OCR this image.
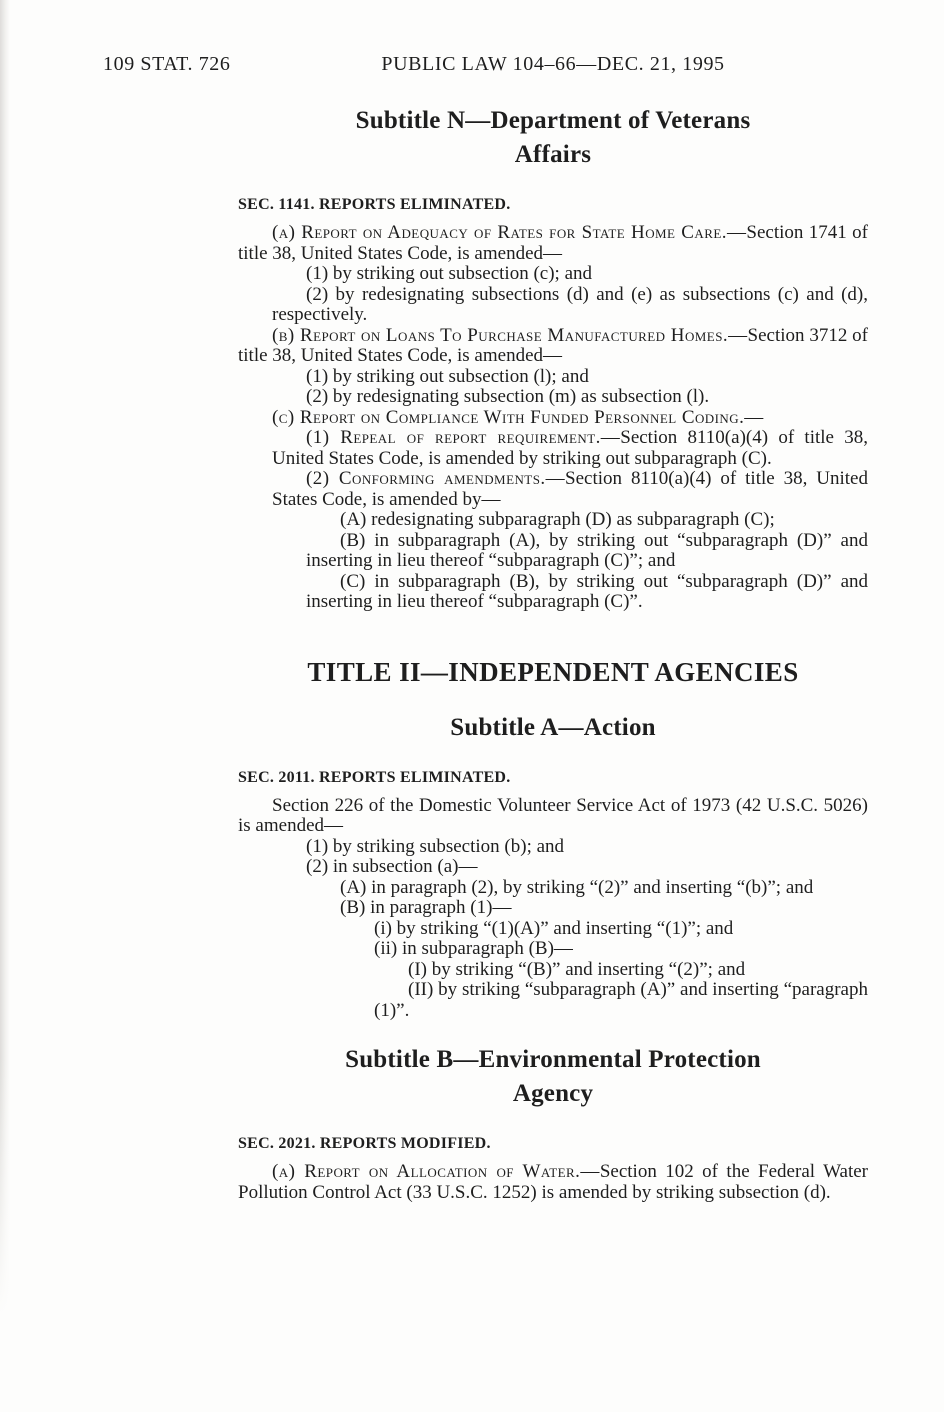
109 STAT. 726	PUBLIC LAW 104–66—DEC. 21, 1995
Subtitle N—Department of Veterans
Affairs
SEC. 1141. REPORTS ELIMINATED.

(a) Report on Adequacy of Rates for State Home Care.—Section 1741 of title 38, United States Code, is amended—

(1) by striking out subsection (c); and

(2) by redesignating subsections (d) and (e) as subsections (c) and (d), respectively.

(b) Report on Loans To Purchase Manufactured Homes.—Section 3712 of title 38, United States Code, is amended—

(1) by striking out subsection (l); and

(2) by redesignating subsection (m) as subsection (l).

(c) Report on Compliance With Funded Personnel Coding.—

(1) Repeal of report requirement.—Section 8110(a)(4) of title 38, United States Code, is amended by striking out subparagraph (C).

(2) Conforming amendments.—Section 8110(a)(4) of title 38, United States Code, is amended by—

(A) redesignating subparagraph (D) as subparagraph (C);

(B) in subparagraph (A), by striking out “subparagraph (D)” and inserting in lieu thereof “subparagraph (C)”; and

(C) in subparagraph (B), by striking out “subparagraph (D)” and inserting in lieu thereof “subparagraph (C)”.

TITLE II—INDEPENDENT AGENCIES
Subtitle A—Action
SEC. 2011. REPORTS ELIMINATED.

Section 226 of the Domestic Volunteer Service Act of 1973 (42 U.S.C. 5026) is amended—

(1) by striking subsection (b); and

(2) in subsection (a)—

(A) in paragraph (2), by striking “(2)” and inserting “(b)”; and

(B) in paragraph (1)—

(i) by striking “(1)(A)” and inserting “(1)”; and

(ii) in subparagraph (B)—

(I) by striking “(B)” and inserting “(2)”; and

(II) by striking “subparagraph (A)” and inserting “paragraph (1)”.

Subtitle B—Environmental Protection
Agency
SEC. 2021. REPORTS MODIFIED.

(a) Report on Allocation of Water.—Section 102 of the Federal Water Pollution Control Act (33 U.S.C. 1252) is amended by striking subsection (d).
